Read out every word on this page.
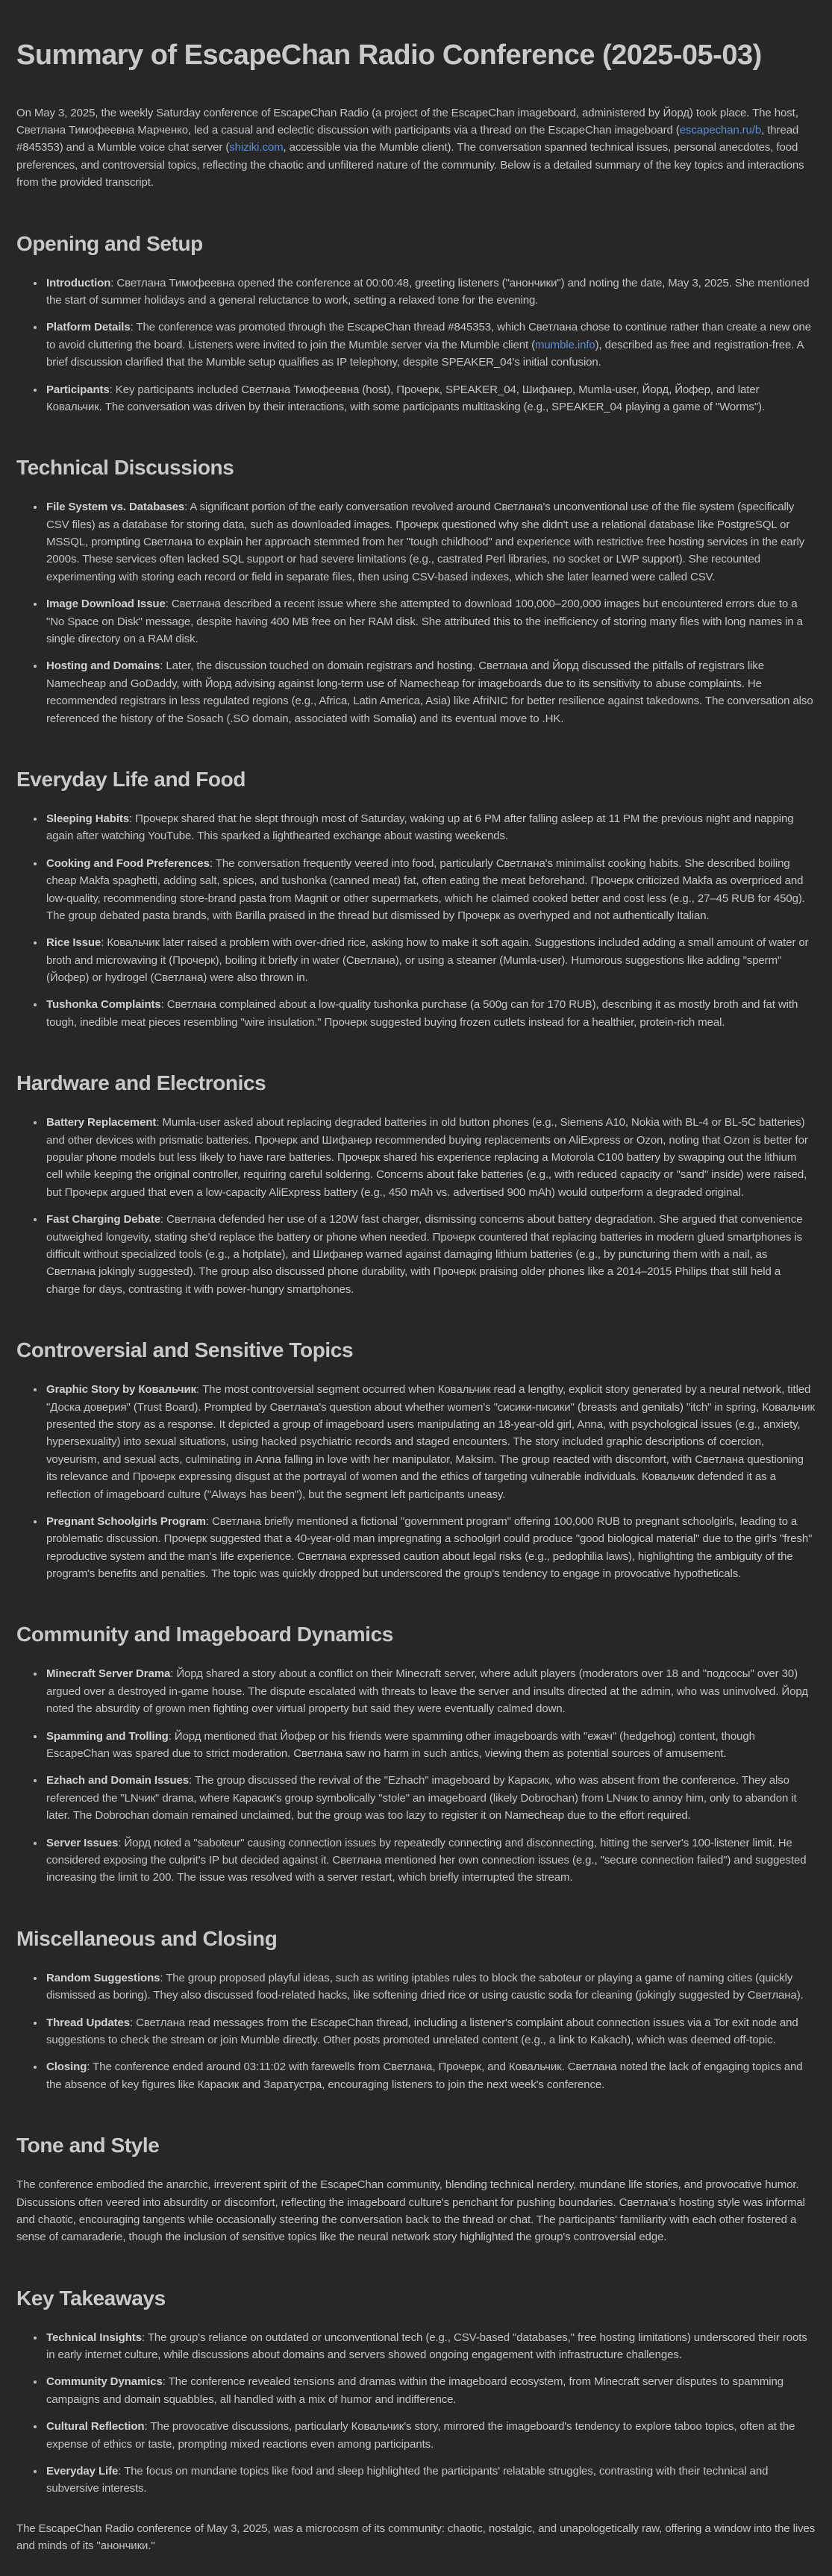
Summary of EscapeChan Radio Conference (2025-05-03)

On May 3, 2025, the weekly Saturday conference of EscapeChan Radio (a project of the EscapeChan imageboard, administered by Йорд) took place. The host, Светлана Тимофеевна Марченко, led a casual and eclectic discussion with participants via a thread on the EscapeChan imageboard (escapechan.ru/b, thread #845353) and a Mumble voice chat server (shiziki.com, accessible via the Mumble client). The conversation spanned technical issues, personal anecdotes, food preferences, and controversial topics, reflecting the chaotic and unfiltered nature of the community. Below is a detailed summary of the key topics and interactions from the provided transcript.

Opening and Setup
• Introduction: Светлана Тимофеевна opened the conference at 00:00:48, greeting listeners ("анончики") and noting the date, May 3, 2025. She mentioned the start of summer holidays and a general reluctance to work, setting a relaxed tone for the evening.
• Platform Details: The conference was promoted through the EscapeChan thread #845353, which Светлана chose to continue rather than create a new one to avoid cluttering the board. Listeners were invited to join the Mumble server via the Mumble client (mumble.info), described as free and registration-free. A brief discussion clarified that the Mumble setup qualifies as IP telephony, despite SPEAKER_04's initial confusion.
• Participants: Key participants included Светлана Тимофеевна (host), Прочерк, SPEAKER_04, Шифанер, Mumla-user, Йорд, Йофер, and later Ковальчик. The conversation was driven by their interactions, with some participants multitasking (e.g., SPEAKER_04 playing a game of "Worms").
Technical Discussions
• File System vs. Databases: A significant portion of the early conversation revolved around Светлана's unconventional use of the file system (specifically CSV files) as a database for storing data, such as downloaded images. Прочерк questioned why she didn't use a relational database like PostgreSQL or MSSQL, prompting Светлана to explain her approach stemmed from her "tough childhood" and experience with restrictive free hosting services in the early 2000s. These services often lacked SQL support or had severe limitations (e.g., castrated Perl libraries, no socket or LWP support). She recounted experimenting with storing each record or field in separate files, then using CSV-based indexes, which she later learned were called CSV.
• Image Download Issue: Светлана described a recent issue where she attempted to download 100,000–200,000 images but encountered errors due to a "No Space on Disk" message, despite having 400 MB free on her RAM disk. She attributed this to the inefficiency of storing many files with long names in a single directory on a RAM disk.
• Hosting and Domains: Later, the discussion touched on domain registrars and hosting. Светлана and Йорд discussed the pitfalls of registrars like Namecheap and GoDaddy, with Йорд advising against long-term use of Namecheap for imageboards due to its sensitivity to abuse complaints. He recommended registrars in less regulated regions (e.g., Africa, Latin America, Asia) like AfriNIC for better resilience against takedowns. The conversation also referenced the history of the Sosach (.SO domain, associated with Somalia) and its eventual move to .HK.
Everyday Life and Food
• Sleeping Habits: Прочерк shared that he slept through most of Saturday, waking up at 6 PM after falling asleep at 11 PM the previous night and napping again after watching YouTube. This sparked a lighthearted exchange about wasting weekends.
• Cooking and Food Preferences: The conversation frequently veered into food, particularly Светлана's minimalist cooking habits. She described boiling cheap Makfa spaghetti, adding salt, spices, and tushonka (canned meat) fat, often eating the meat beforehand. Прочерк criticized Makfa as overpriced and low-quality, recommending store-brand pasta from Magnit or other supermarkets, which he claimed cooked better and cost less (e.g., 27–45 RUB for 450g). The group debated pasta brands, with Barilla praised in the thread but dismissed by Прочерк as overhyped and not authentically Italian.
• Rice Issue: Ковальчик later raised a problem with over-dried rice, asking how to make it soft again. Suggestions included adding a small amount of water or broth and microwaving it (Прочерк), boiling it briefly in water (Светлана), or using a steamer (Mumla-user). Humorous suggestions like adding "sperm" (Йофер) or hydrogel (Светлана) were also thrown in.
• Tushonka Complaints: Светлана complained about a low-quality tushonka purchase (a 500g can for 170 RUB), describing it as mostly broth and fat with tough, inedible meat pieces resembling "wire insulation." Прочерк suggested buying frozen cutlets instead for a healthier, protein-rich meal.
Hardware and Electronics
• Battery Replacement: Mumla-user asked about replacing degraded batteries in old button phones (e.g., Siemens A10, Nokia with BL-4 or BL-5C batteries) and other devices with prismatic batteries. Прочерк and Шифанер recommended buying replacements on AliExpress or Ozon, noting that Ozon is better for popular phone models but less likely to have rare batteries. Прочерк shared his experience replacing a Motorola C100 battery by swapping out the lithium cell while keeping the original controller, requiring careful soldering. Concerns about fake batteries (e.g., with reduced capacity or "sand" inside) were raised, but Прочерк argued that even a low-capacity AliExpress battery (e.g., 450 mAh vs. advertised 900 mAh) would outperform a degraded original.
• Fast Charging Debate: Светлана defended her use of a 120W fast charger, dismissing concerns about battery degradation. She argued that convenience outweighed longevity, stating she'd replace the battery or phone when needed. Прочерк countered that replacing batteries in modern glued smartphones is difficult without specialized tools (e.g., a hotplate), and Шифанер warned against damaging lithium batteries (e.g., by puncturing them with a nail, as Светлана jokingly suggested). The group also discussed phone durability, with Прочерк praising older phones like a 2014–2015 Philips that still held a charge for days, contrasting it with power-hungry smartphones.
Controversial and Sensitive Topics
• Graphic Story by Ковальчик: The most controversial segment occurred when Ковальчик read a lengthy, explicit story generated by a neural network, titled "Доска доверия" (Trust Board). Prompted by Светлана's question about whether women's "сисики-писики" (breasts and genitals) "itch" in spring, Ковальчик presented the story as a response. It depicted a group of imageboard users manipulating an 18-year-old girl, Anna, with psychological issues (e.g., anxiety, hypersexuality) into sexual situations, using hacked psychiatric records and staged encounters. The story included graphic descriptions of coercion, voyeurism, and sexual acts, culminating in Anna falling in love with her manipulator, Maksim. The group reacted with discomfort, with Светлана questioning its relevance and Прочерк expressing disgust at the portrayal of women and the ethics of targeting vulnerable individuals. Ковальчик defended it as a reflection of imageboard culture ("Always has been"), but the segment left participants uneasy.
• Pregnant Schoolgirls Program: Светлана briefly mentioned a fictional "government program" offering 100,000 RUB to pregnant schoolgirls, leading to a problematic discussion. Прочерк suggested that a 40-year-old man impregnating a schoolgirl could produce "good biological material" due to the girl's "fresh" reproductive system and the man's life experience. Светлана expressed caution about legal risks (e.g., pedophilia laws), highlighting the ambiguity of the program's benefits and penalties. The topic was quickly dropped but underscored the group's tendency to engage in provocative hypotheticals.
Community and Imageboard Dynamics
• Minecraft Server Drama: Йорд shared a story about a conflict on their Minecraft server, where adult players (moderators over 18 and "подсосы" over 30) argued over a destroyed in-game house. The dispute escalated with threats to leave the server and insults directed at the admin, who was uninvolved. Йорд noted the absurdity of grown men fighting over virtual property but said they were eventually calmed down.
• Spamming and Trolling: Йорд mentioned that Йофер or his friends were spamming other imageboards with "ежач" (hedgehog) content, though EscapeChan was spared due to strict moderation. Светлана saw no harm in such antics, viewing them as potential sources of amusement.
• Ezhach and Domain Issues: The group discussed the revival of the "Ezhach" imageboard by Карасик, who was absent from the conference. They also referenced the "LNчик" drama, where Карасик's group symbolically "stole" an imageboard (likely Dobrochan) from LNчик to annoy him, only to abandon it later. The Dobrochan domain remained unclaimed, but the group was too lazy to register it on Namecheap due to the effort required.
• Server Issues: Йорд noted a "saboteur" causing connection issues by repeatedly connecting and disconnecting, hitting the server's 100-listener limit. He considered exposing the culprit's IP but decided against it. Светлана mentioned her own connection issues (e.g., "secure connection failed") and suggested increasing the limit to 200. The issue was resolved with a server restart, which briefly interrupted the stream.
Miscellaneous and Closing
• Random Suggestions: The group proposed playful ideas, such as writing iptables rules to block the saboteur or playing a game of naming cities (quickly dismissed as boring). They also discussed food-related hacks, like softening dried rice or using caustic soda for cleaning (jokingly suggested by Светлана).
• Thread Updates: Светлана read messages from the EscapeChan thread, including a listener's complaint about connection issues via a Tor exit node and suggestions to check the stream or join Mumble directly. Other posts promoted unrelated content (e.g., a link to Kakach), which was deemed off-topic.
• Closing: The conference ended around 03:11:02 with farewells from Светлана, Прочерк, and Ковальчик. Светлана noted the lack of engaging topics and the absence of key figures like Карасик and Заратустра, encouraging listeners to join the next week's conference.
Tone and Style

The conference embodied the anarchic, irreverent spirit of the EscapeChan community, blending technical nerdery, mundane life stories, and provocative humor. Discussions often veered into absurdity or discomfort, reflecting the imageboard culture's penchant for pushing boundaries. Светлана's hosting style was informal and chaotic, encouraging tangents while occasionally steering the conversation back to the thread or chat. The participants' familiarity with each other fostered a sense of camaraderie, though the inclusion of sensitive topics like the neural network story highlighted the group's controversial edge.

Key Takeaways
• Technical Insights: The group's reliance on outdated or unconventional tech (e.g., CSV-based "databases," free hosting limitations) underscored their roots in early internet culture, while discussions about domains and servers showed ongoing engagement with infrastructure challenges.
• Community Dynamics: The conference revealed tensions and dramas within the imageboard ecosystem, from Minecraft server disputes to spamming campaigns and domain squabbles, all handled with a mix of humor and indifference.
• Cultural Reflection: The provocative discussions, particularly Ковальчик's story, mirrored the imageboard's tendency to explore taboo topics, often at the expense of ethics or taste, prompting mixed reactions even among participants.
• Everyday Life: The focus on mundane topics like food and sleep highlighted the participants' relatable struggles, contrasting with their technical and subversive interests.

The EscapeChan Radio conference of May 3, 2025, was a microcosm of its community: chaotic, nostalgic, and unapologetically raw, offering a window into the lives and minds of its "анончики."
